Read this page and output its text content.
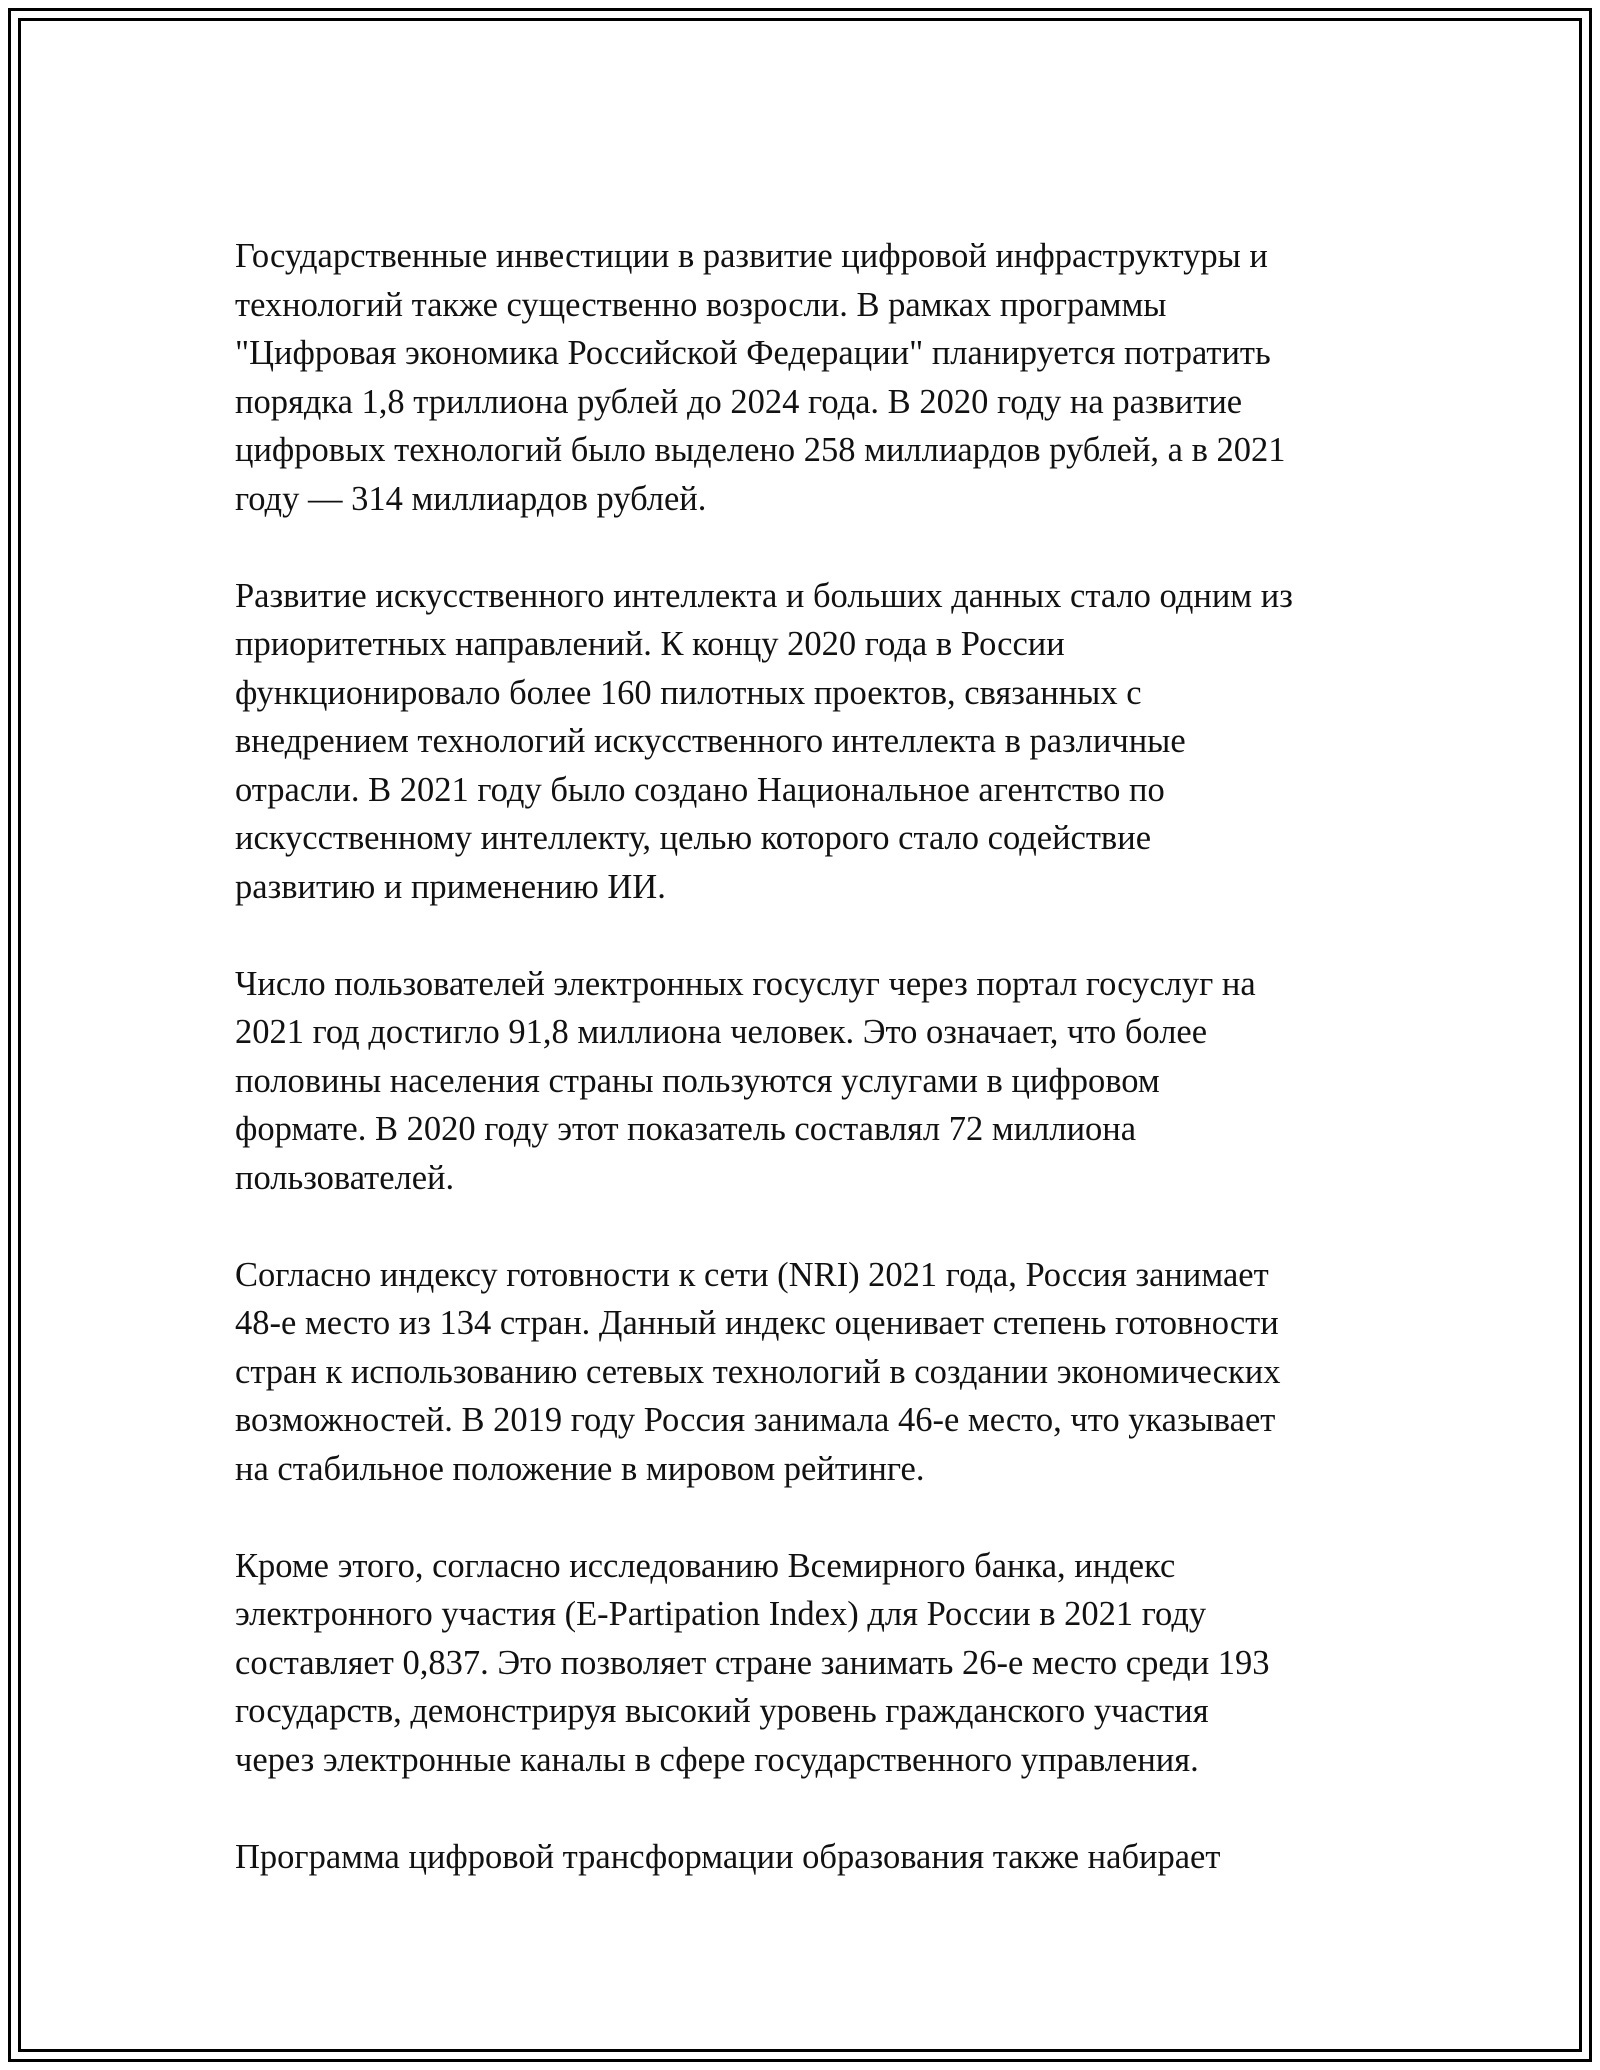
Государственные инвестиции в развитие цифровой инфраструктуры и
технологий также существенно возросли. В рамках программы
"Цифровая экономика Российской Федерации" планируется потратить
порядка 1,8 триллиона рублей до 2024 года. В 2020 году на развитие
цифровых технологий было выделено 258 миллиардов рублей, а в 2021
году — 314 миллиардов рублей.

Развитие искусственного интеллекта и больших данных стало одним из
приоритетных направлений. К концу 2020 года в России
функционировало более 160 пилотных проектов, связанных с
внедрением технологий искусственного интеллекта в различные
отрасли. В 2021 году было создано Национальное агентство по
искусственному интеллекту, целью которого стало содействие
развитию и применению ИИ.

Число пользователей электронных госуслуг через портал госуслуг на
2021 год достигло 91,8 миллиона человек. Это означает, что более
половины населения страны пользуются услугами в цифровом
формате. В 2020 году этот показатель составлял 72 миллиона
пользователей.

Согласно индексу готовности к сети (NRI) 2021 года, Россия занимает
48-е место из 134 стран. Данный индекс оценивает степень готовности
стран к использованию сетевых технологий в создании экономических
возможностей. В 2019 году Россия занимала 46-е место, что указывает
на стабильное положение в мировом рейтинге.

Кроме этого, согласно исследованию Всемирного банка, индекс
электронного участия (E-Partipation Index) для России в 2021 году
составляет 0,837. Это позволяет стране занимать 26-е место среди 193
государств, демонстрируя высокий уровень гражданского участия
через электронные каналы в сфере государственного управления.

Программа цифровой трансформации образования также набирает
